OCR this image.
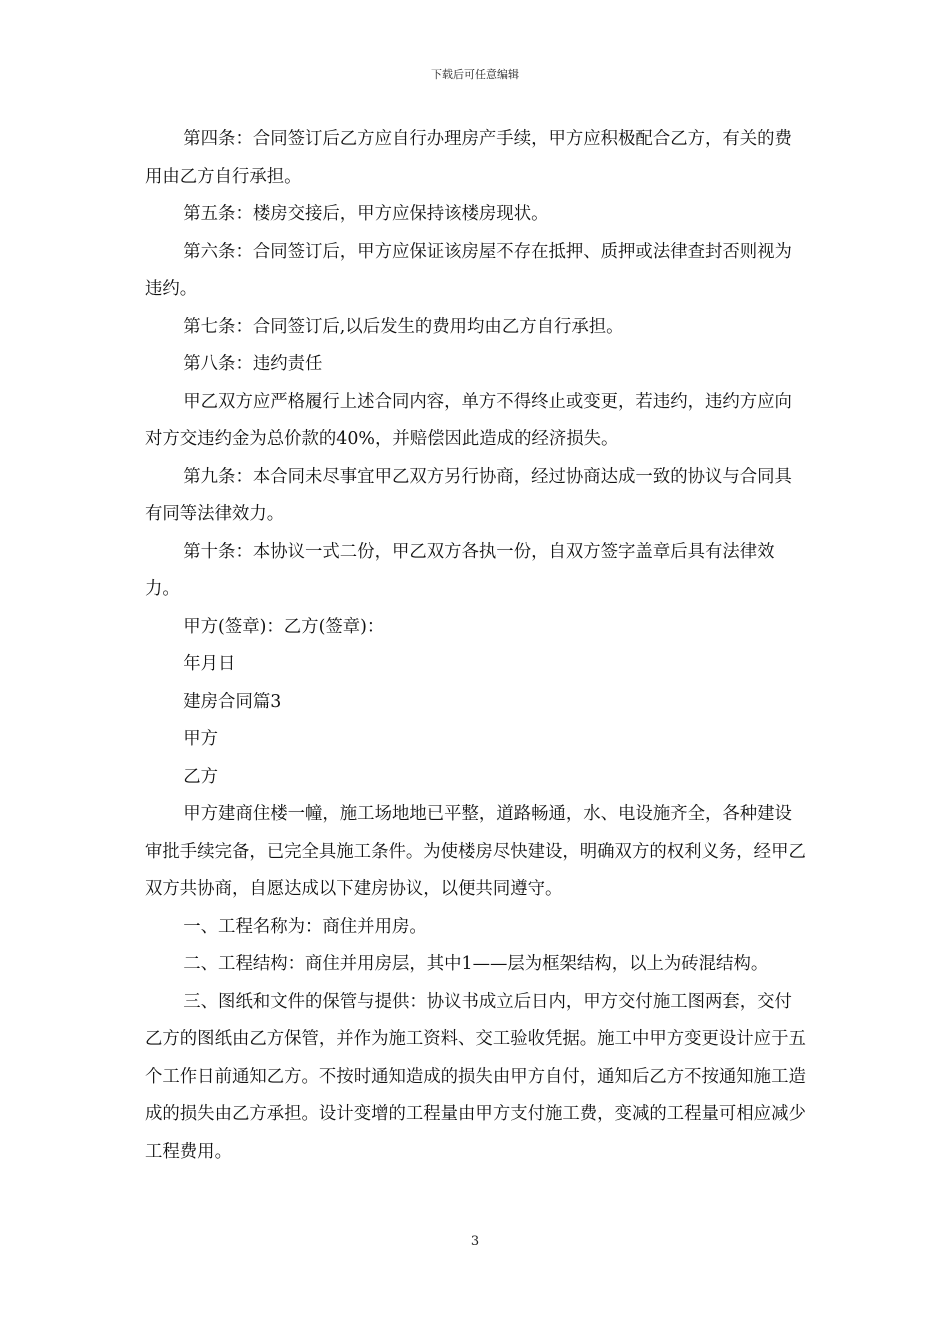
下载后可任意编辑

第四条：合同签订后乙方应自行办理房产手续，甲方应积极配合乙方，有关的费用由乙方自行承担。

第五条：楼房交接后，甲方应保持该楼房现状。

第六条：合同签订后，甲方应保证该房屋不存在抵押、质押或法律查封否则视为违约。

第七条：合同签订后,以后发生的费用均由乙方自行承担。

第八条：违约责任

甲乙双方应严格履行上述合同内容，单方不得终止或变更，若违约，违约方应向对方交违约金为总价款的40%，并赔偿因此造成的经济损失。

第九条：本合同未尽事宜甲乙双方另行协商，经过协商达成一致的协议与合同具有同等法律效力。

第十条：本协议一式二份，甲乙双方各执一份，自双方签字盖章后具有法律效力。

甲方(签章)：乙方(签章)：

年月日

建房合同篇3

甲方

乙方

甲方建商住楼一幢，施工场地地已平整，道路畅通，水、电设施齐全，各种建设审批手续完备，已完全具施工条件。为使楼房尽快建设，明确双方的权利义务，经甲乙双方共协商，自愿达成以下建房协议，以便共同遵守。

一、工程名称为：商住并用房。

二、工程结构：商住并用房层，其中1——层为框架结构，以上为砖混结构。

三、图纸和文件的保管与提供：协议书成立后日内，甲方交付施工图两套，交付乙方的图纸由乙方保管，并作为施工资料、交工验收凭据。施工中甲方变更设计应于五个工作日前通知乙方。不按时通知造成的损失由甲方自付，通知后乙方不按通知施工造成的损失由乙方承担。设计变增的工程量由甲方支付施工费，变减的工程量可相应减少工程费用。

3
